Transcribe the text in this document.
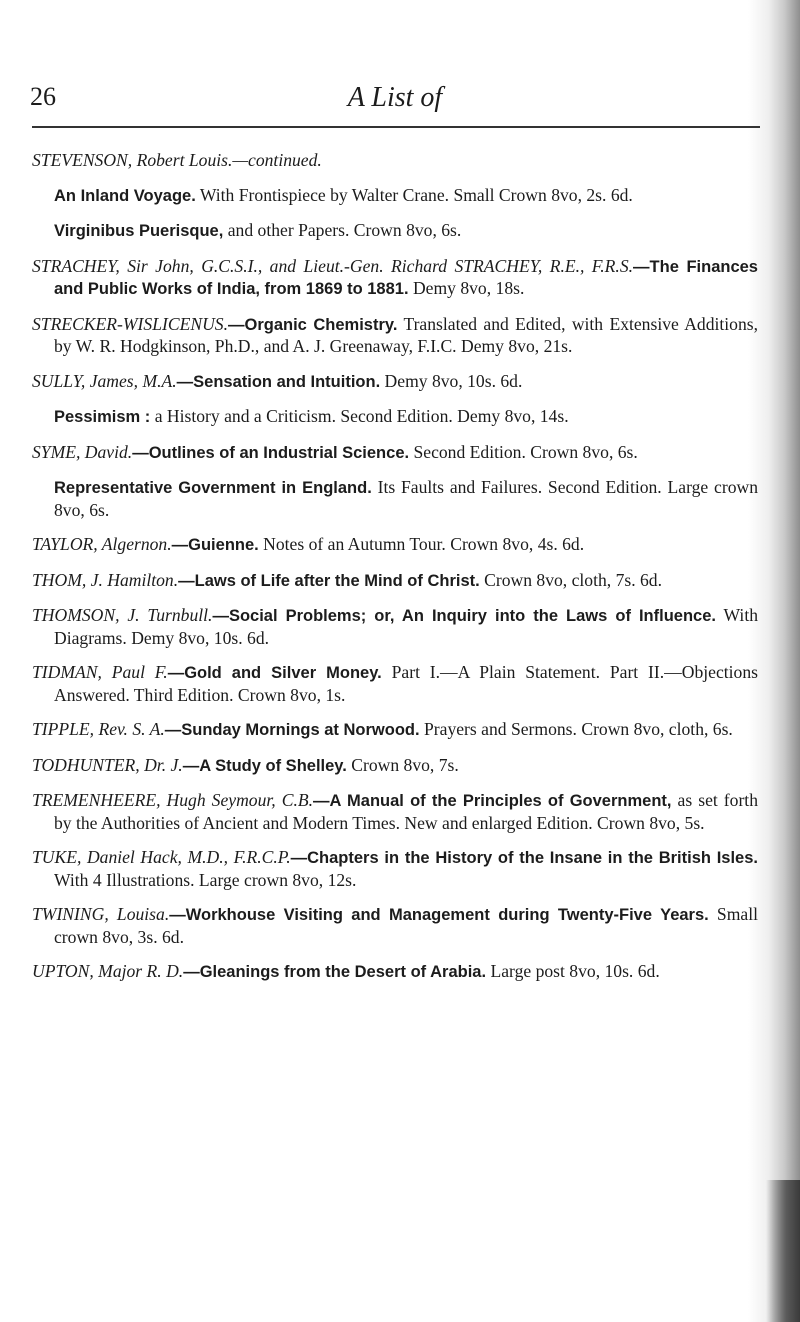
26	A List of

STEVENSON, Robert Louis.—continued.

An Inland Voyage. With Frontispiece by Walter Crane. Small Crown 8vo, 2s. 6d.

Virginibus Puerisque, and other Papers. Crown 8vo, 6s.

STRACHEY, Sir John, G.C.S.I., and Lieut.-Gen. Richard STRACHEY, R.E., F.R.S.—The Finances and Public Works of India, from 1869 to 1881. Demy 8vo, 18s.

STRECKER-WISLICENUS.—Organic Chemistry. Translated and Edited, with Extensive Additions, by W. R. Hodgkinson, Ph.D., and A. J. Greenaway, F.I.C. Demy 8vo, 21s.

SULLY, James, M.A.—Sensation and Intuition. Demy 8vo, 10s. 6d.

Pessimism : a History and a Criticism. Second Edition. Demy 8vo, 14s.

SYME, David.—Outlines of an Industrial Science. Second Edition. Crown 8vo, 6s.

Representative Government in England. Its Faults and Failures. Second Edition. Large crown 8vo, 6s.

TAYLOR, Algernon.—Guienne. Notes of an Autumn Tour. Crown 8vo, 4s. 6d.

THOM, J. Hamilton.—Laws of Life after the Mind of Christ. Crown 8vo, cloth, 7s. 6d.

THOMSON, J. Turnbull.—Social Problems; or, An Inquiry into the Laws of Influence. With Diagrams. Demy 8vo, 10s. 6d.

TIDMAN, Paul F.—Gold and Silver Money. Part I.—A Plain Statement. Part II.—Objections Answered. Third Edition. Crown 8vo, 1s.

TIPPLE, Rev. S. A.—Sunday Mornings at Norwood. Prayers and Sermons. Crown 8vo, cloth, 6s.

TODHUNTER, Dr. J.—A Study of Shelley. Crown 8vo, 7s.

TREMENHEERE, Hugh Seymour, C.B.—A Manual of the Principles of Government, as set forth by the Authorities of Ancient and Modern Times. New and enlarged Edition. Crown 8vo, 5s.

TUKE, Daniel Hack, M.D., F.R.C.P.—Chapters in the History of the Insane in the British Isles. With 4 Illustrations. Large crown 8vo, 12s.

TWINING, Louisa.—Workhouse Visiting and Management during Twenty-Five Years. Small crown 8vo, 3s. 6d.

UPTON, Major R. D.—Gleanings from the Desert of Arabia. Large post 8vo, 10s. 6d.
